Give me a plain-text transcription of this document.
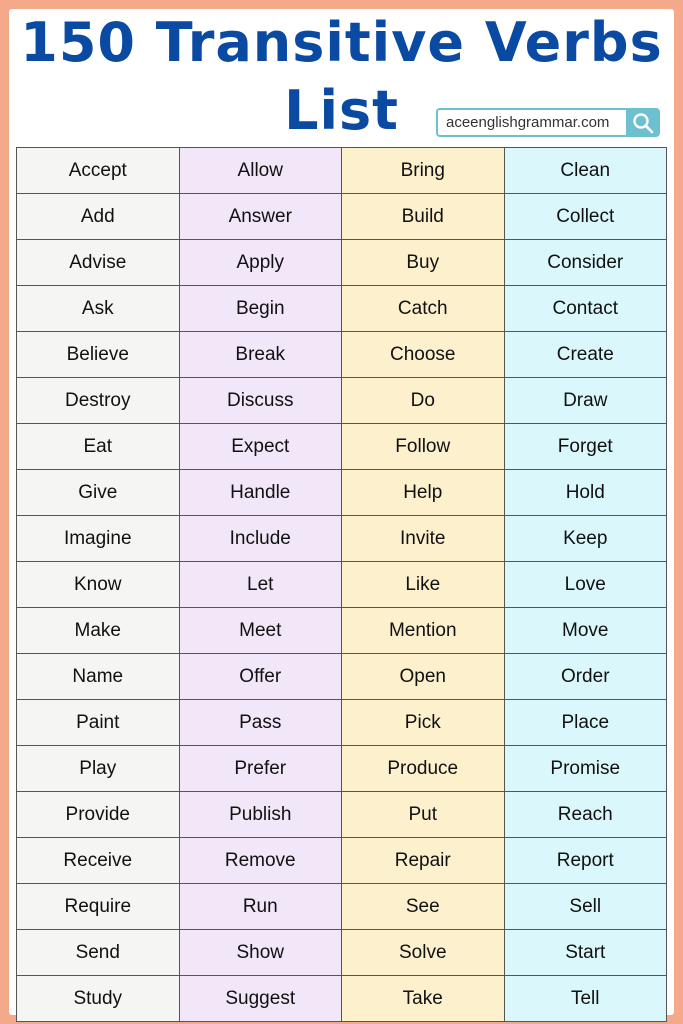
150 Transitive Verbs
List	aceenglishgrammar.com
Accept	Allow	Bring	Clean
Add	Answer	Build	Collect
Advise	Apply	Buy	Consider
Ask	Begin	Catch	Contact
Believe	Break	Choose	Create
Destroy	Discuss	Do	Draw
Eat	Expect	Follow	Forget
Give	Handle	Help	Hold
Imagine	Include	Invite	Keep
Know	Let	Like	Love
Make	Meet	Mention	Move
Name	Offer	Open	Order
Paint	Pass	Pick	Place
Play	Prefer	Produce	Promise
Provide	Publish	Put	Reach
Receive	Remove	Repair	Report
Require	Run	See	Sell
Send	Show	Solve	Start
Study	Suggest	Take	Tell
